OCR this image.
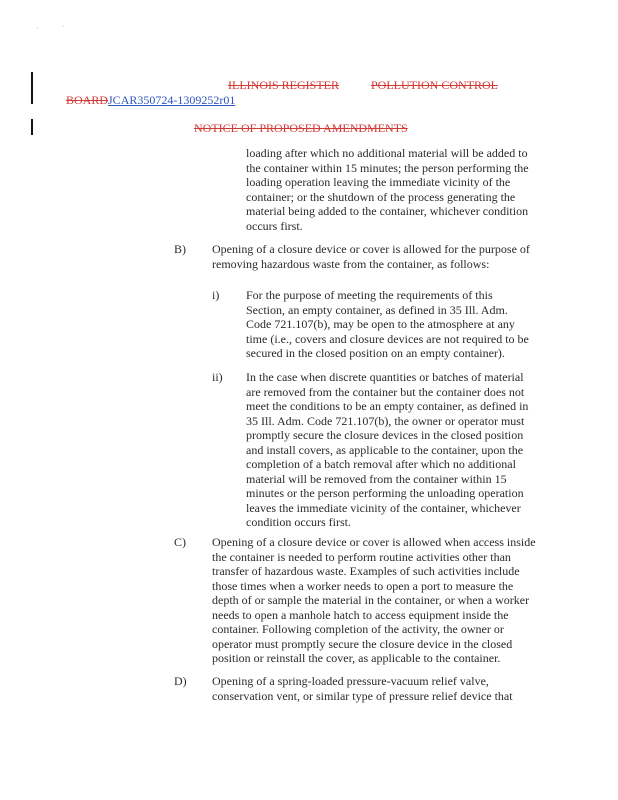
·	·
ILLINOIS REGISTER	POLLUTION CONTROL
BOARDJCAR350724-1309252r01
NOTICE OF PROPOSED AMENDMENTS
loading after which no additional material will be added to
the container within 15 minutes; the person performing the
loading operation leaving the immediate vicinity of the
container; or the shutdown of the process generating the
material being added to the container, whichever condition
occurs first.
B) Opening of a closure device or cover is allowed for the purpose of
removing hazardous waste from the container, as follows:
i) For the purpose of meeting the requirements of this
Section, an empty container, as defined in 35 Ill. Adm.
Code 721.107(b), may be open to the atmosphere at any
time (i.e., covers and closure devices are not required to be
secured in the closed position on an empty container).
ii) In the case when discrete quantities or batches of material
are removed from the container but the container does not
meet the conditions to be an empty container, as defined in
35 Ill. Adm. Code 721.107(b), the owner or operator must
promptly secure the closure devices in the closed position
and install covers, as applicable to the container, upon the
completion of a batch removal after which no additional
material will be removed from the container within 15
minutes or the person performing the unloading operation
leaves the immediate vicinity of the container, whichever
condition occurs first.
C) Opening of a closure device or cover is allowed when access inside
the container is needed to perform routine activities other than
transfer of hazardous waste. Examples of such activities include
those times when a worker needs to open a port to measure the
depth of or sample the material in the container, or when a worker
needs to open a manhole hatch to access equipment inside the
container. Following completion of the activity, the owner or
operator must promptly secure the closure device in the closed
position or reinstall the cover, as applicable to the container.
D) Opening of a spring-loaded pressure-vacuum relief valve,
conservation vent, or similar type of pressure relief device that
